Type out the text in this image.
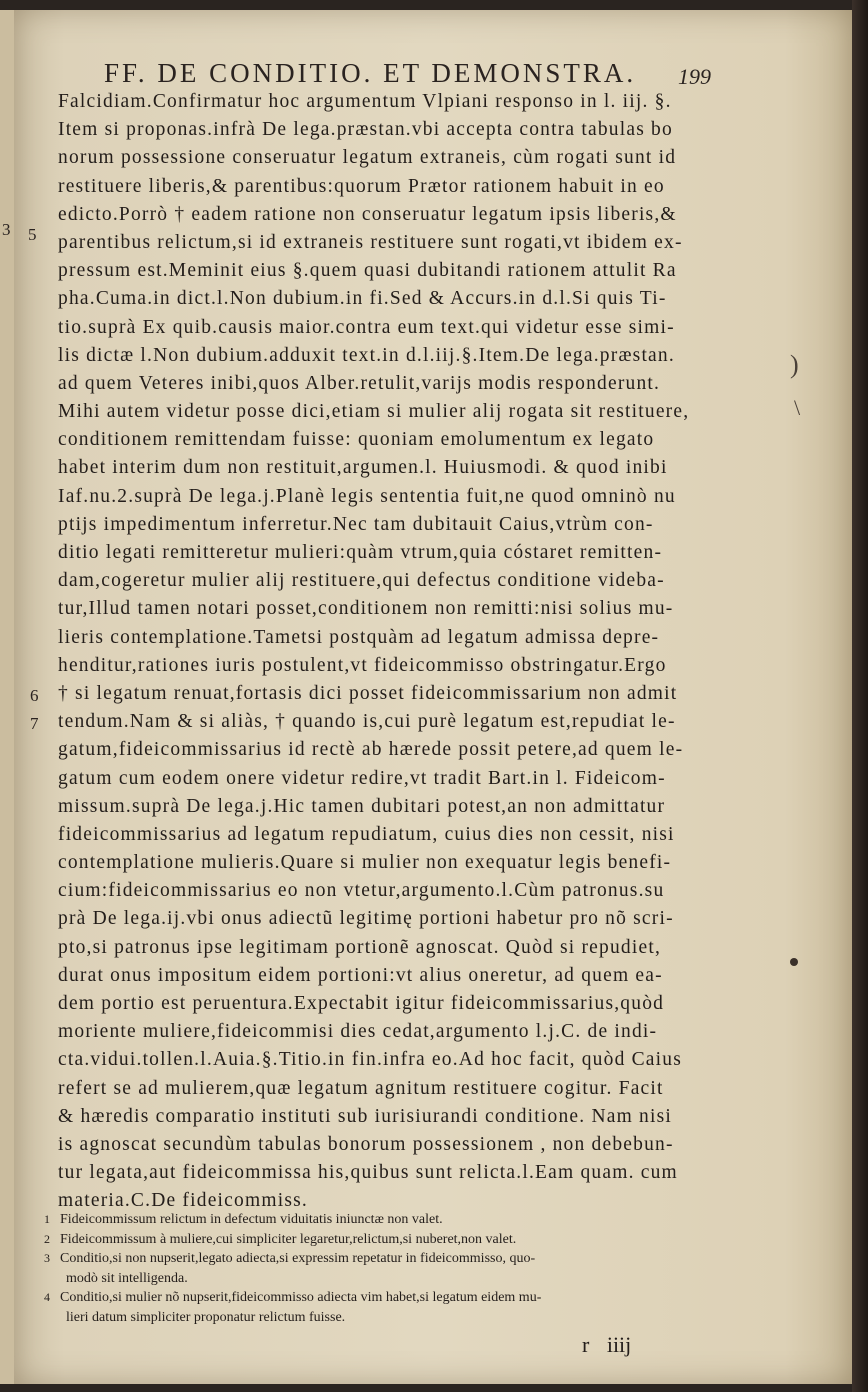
FF. DE CONDITIO. ET DEMONSTRA. 199
3 5
6
7
Falcidiam.Confirmatur hoc argumentum Vlpiani responso in l. iij. §.
Item si proponas.infrà De lega.præstan.vbi accepta contra tabulas bo
norum possessione conseruatur legatum extraneis, cùm rogati sunt id
restituere liberis,& parentibus:quorum Prætor rationem habuit in eo
edicto.Porrò † eadem ratione non conseruatur legatum ipsis liberis,&
parentibus relictum,si id extraneis restituere sunt rogati,vt ibidem ex-
pressum est.Meminit eius §.quem quasi dubitandi rationem attulit Ra
pha.Cuma.in dict.l.Non dubium.in fi.Sed & Accurs.in d.l.Si quis Ti-
tio.suprà Ex quib.causis maior.contra eum text.qui videtur esse simi-
lis dictæ l.Non dubium.adduxit text.in d.l.iij.§.Item.De lega.præstan.
ad quem Veteres inibi,quos Alber.retulit,varijs modis responderunt.
Mihi autem videtur posse dici,etiam si mulier alij rogata sit restituere,
conditionem remittendam fuisse: quoniam emolumentum ex legato
habet interim dum non restituit,argumen.l. Huiusmodi. & quod inibi
Iaf.nu.2.suprà De lega.j.Planè legis sententia fuit,ne quod omninò nu
ptijs impedimentum inferretur.Nec tam dubitauit Caius,vtrùm con-
ditio legati remitteretur mulieri:quàm vtrum,quia cóstaret remitten-
dam,cogeretur mulier alij restituere,qui defectus conditione videba-
tur,Illud tamen notari posset,conditionem non remitti:nisi solius mu-
lieris contemplatione.Tametsi postquàm ad legatum admissa depre-
henditur,rationes iuris postulent,vt fideicommisso obstringatur.Ergo
† si legatum renuat,fortasis dici posset fideicommissarium non admit
tendum.Nam & si aliàs, † quando is,cui purè legatum est,repudiat le-
gatum,fideicommissarius id rectè ab hærede possit petere,ad quem le-
gatum cum eodem onere videtur redire,vt tradit Bart.in l. Fideicom-
missum.suprà De lega.j.Hic tamen dubitari potest,an non admittatur
fideicommissarius ad legatum repudiatum, cuius dies non cessit, nisi
contemplatione mulieris.Quare si mulier non exequatur legis benefi-
cium:fideicommissarius eo non vtetur,argumento.l.Cùm patronus.su
prà De lega.ij.vbi onus adiectũ legitimę portioni habetur pro nõ scri-
pto,si patronus ipse legitimam portionẽ agnoscat. Quòd si repudiet,
durat onus impositum eidem portioni:vt alius oneretur, ad quem ea-
dem portio est peruentura.Expectabit igitur fideicommissarius,quòd
moriente muliere,fideicommisi dies cedat,argumento l.j.C. de indi-
cta.vidui.tollen.l.Auia.§.Titio.in fin.infra eo.Ad hoc facit, quòd Caius
refert se ad mulierem,quæ legatum agnitum restituere cogitur. Facit
& hæredis comparatio instituti sub iurisiurandi conditione. Nam nisi
is agnoscat secundùm tabulas bonorum possessionem , non debebun-
tur legata,aut fideicommissa his,quibus sunt relicta.l.Eam quam. cum
materia.C.De fideicommiss.
1 Fideicommissum relictum in defectum viduitatis iniunctæ non valet.
2 Fideicommissum à muliere,cui simpliciter legaretur,relictum,si nuberet,non valet.
3 Conditio,si non nupserit,legato adiecta,si expressim repetatur in fideicommisso, quo-
modò sit intelligenda.
4 Conditio,si mulier nõ nupserit,fideicommisso adiecta vim habet,si legatum eidem mu-
lieri datum simpliciter proponatur relictum fuisse.
r iiij
)
\
